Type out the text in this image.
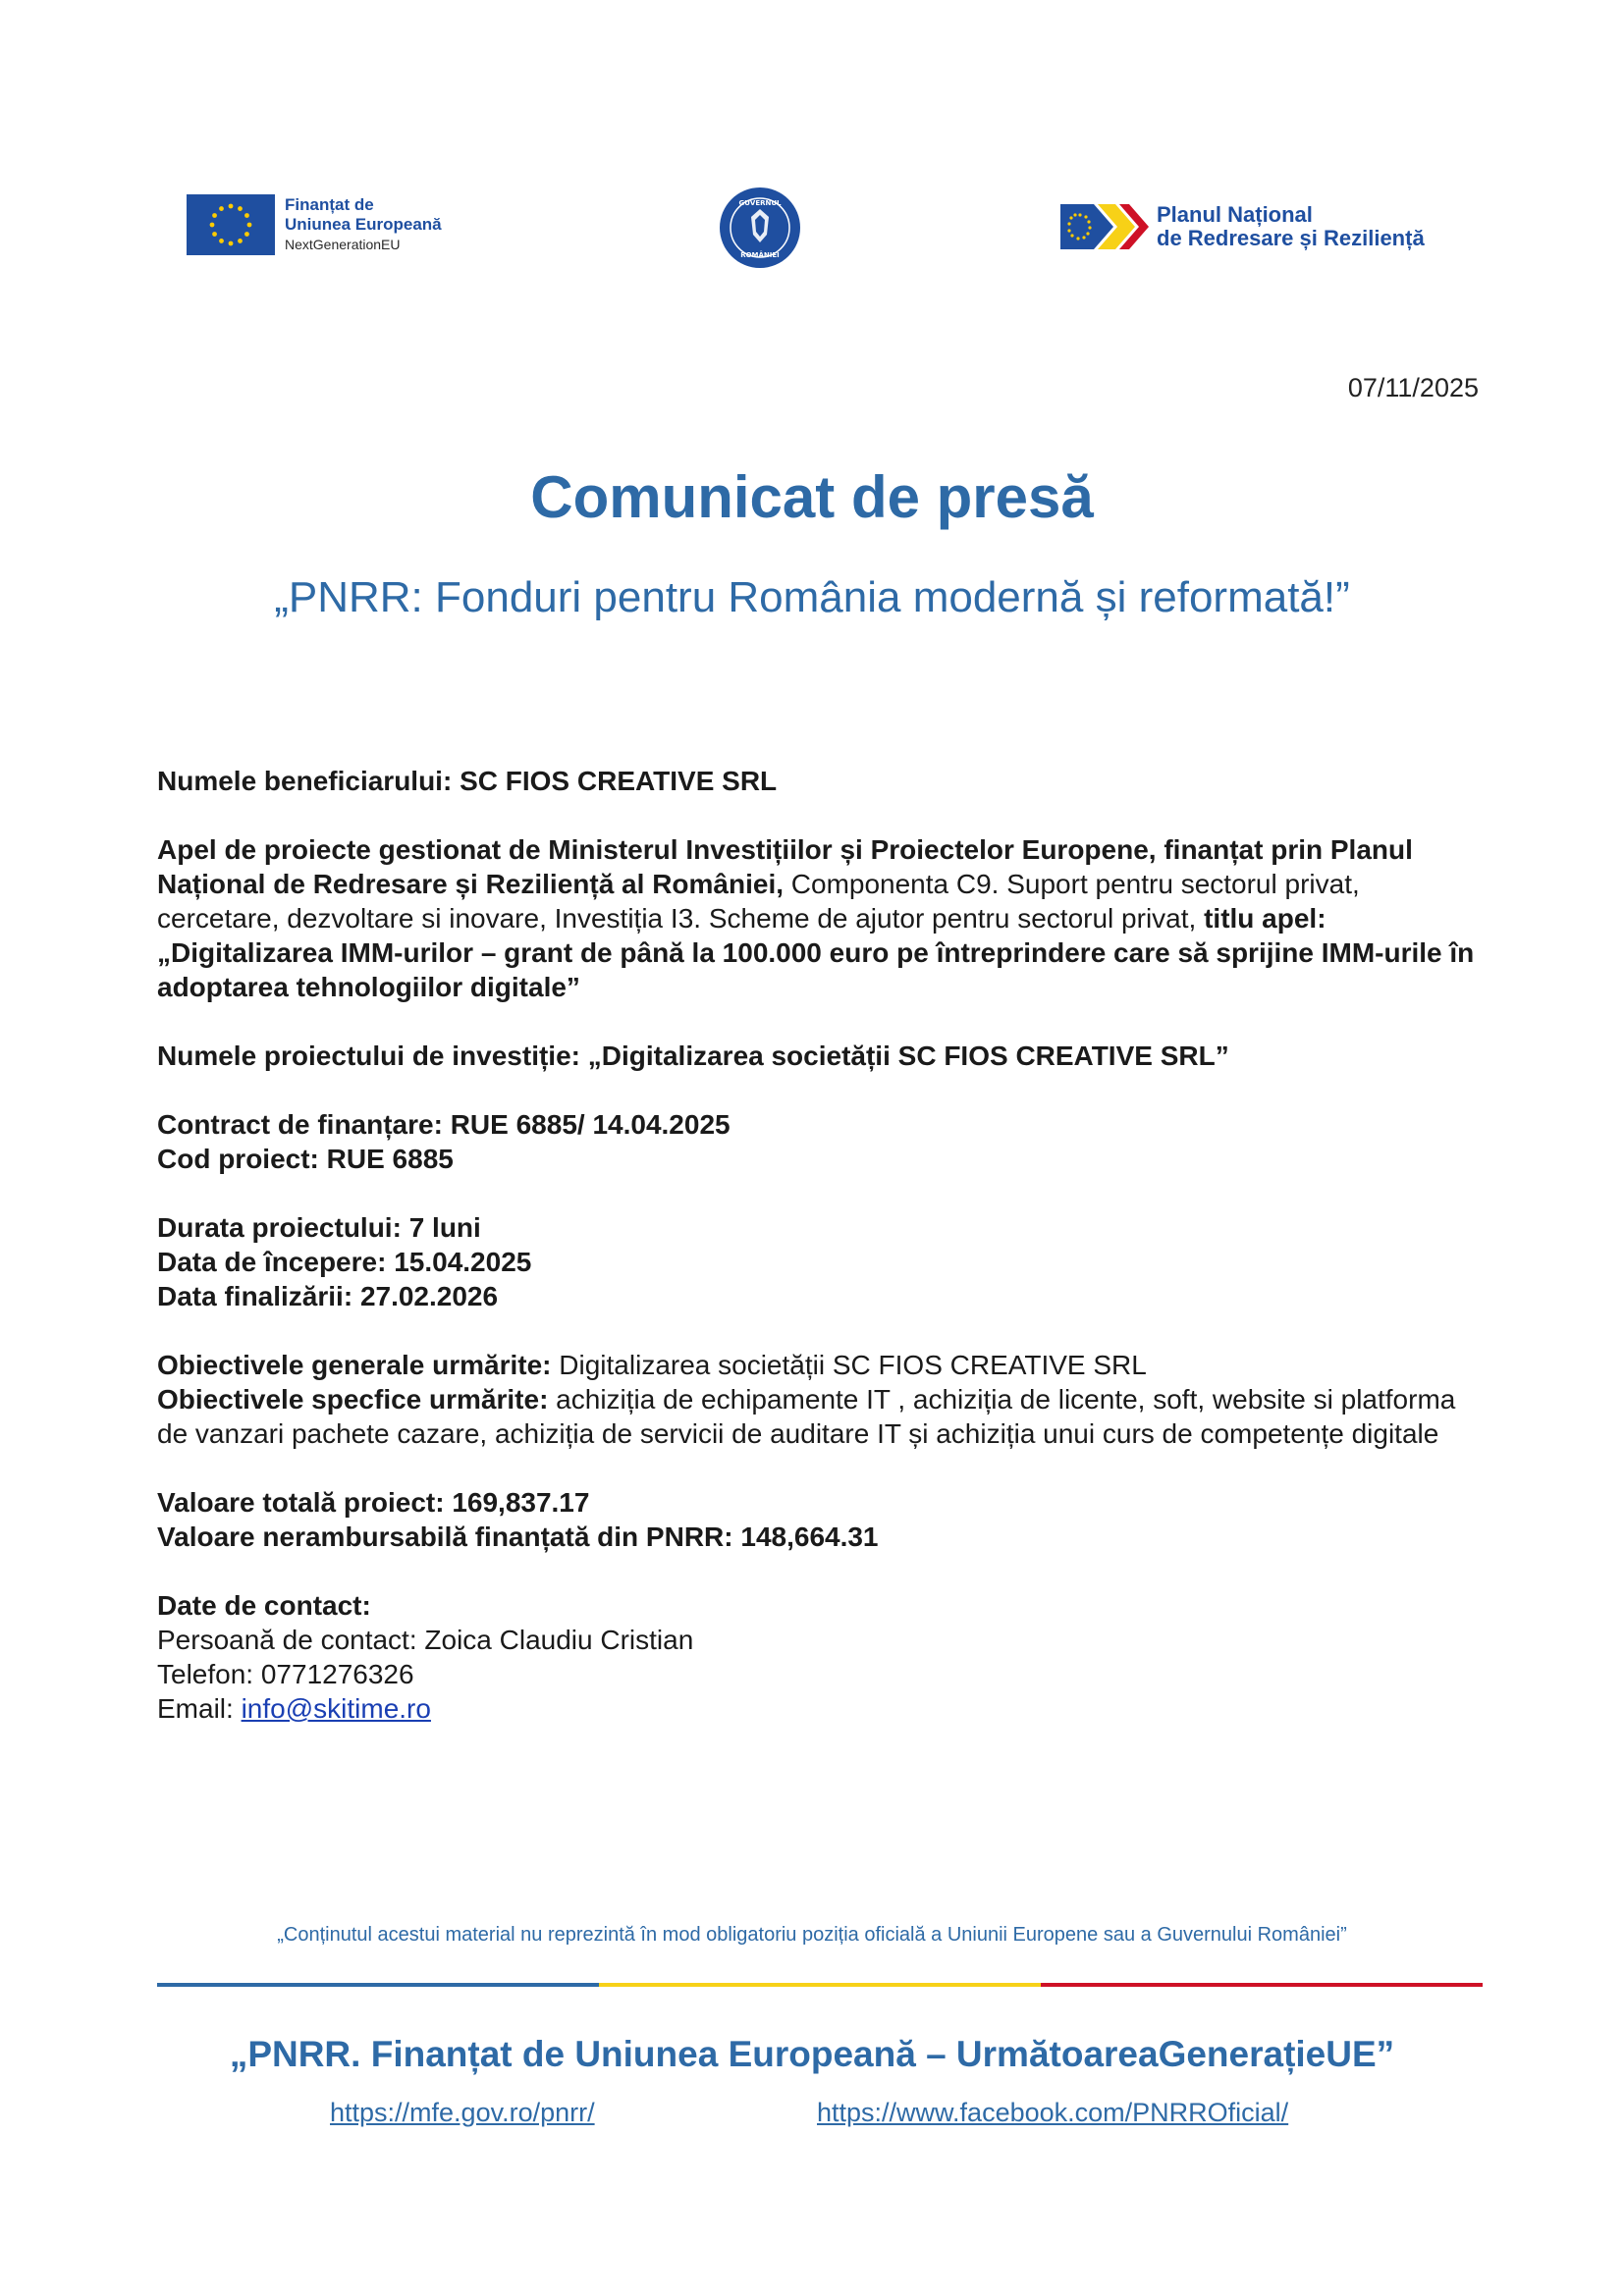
Finanțat de
Uniunea Europeană
NextGenerationEU
GUVERNUL
ROMÂNIEI
Planul Național
de Redresare și Reziliență
07/11/2025
Comunicat de presă
„PNRR: Fonduri pentru România modernă și reformată!”

Numele beneficiarului: SC FIOS CREATIVE SRL

Apel de proiecte gestionat de Ministerul Investițiilor și Proiectelor Europene, finanțat prin Planul Național de Redresare și Reziliență al României, Componenta C9. Suport pentru sectorul privat, cercetare, dezvoltare si inovare, Investiția I3. Scheme de ajutor pentru sectorul privat, titlu apel: „Digitalizarea IMM-urilor – grant de până la 100.000 euro pe întreprindere care să sprijine IMM-urile în adoptarea tehnologiilor digitale”

Numele proiectului de investiție: „Digitalizarea societății SC FIOS CREATIVE SRL”

Contract de finanțare: RUE 6885/ 14.04.2025
Cod proiect: RUE 6885

Durata proiectului: 7 luni
Data de începere: 15.04.2025
Data finalizării: 27.02.2026

Obiectivele generale urmărite: Digitalizarea societății SC FIOS CREATIVE SRL
Obiectivele specfice urmărite: achiziția de echipamente IT , achiziția de licente, soft, website si platforma de vanzari pachete cazare, achiziția de servicii de auditare IT și achiziția unui curs de competențe digitale

Valoare totală proiect: 169,837.17
Valoare nerambursabilă finanțată din PNRR: 148,664.31

Date de contact:
Persoană de contact: Zoica Claudiu Cristian
Telefon: 0771276326
Email: info@skitime.ro

„Conținutul acestui material nu reprezintă în mod obligatoriu poziția oficială a Uniunii Europene sau a Guvernului României”
„PNRR. Finanțat de Uniunea Europeană – UrmătoareaGenerațieUE”
https://mfe.gov.ro/pnrr/	https://www.facebook.com/PNRROficial/
